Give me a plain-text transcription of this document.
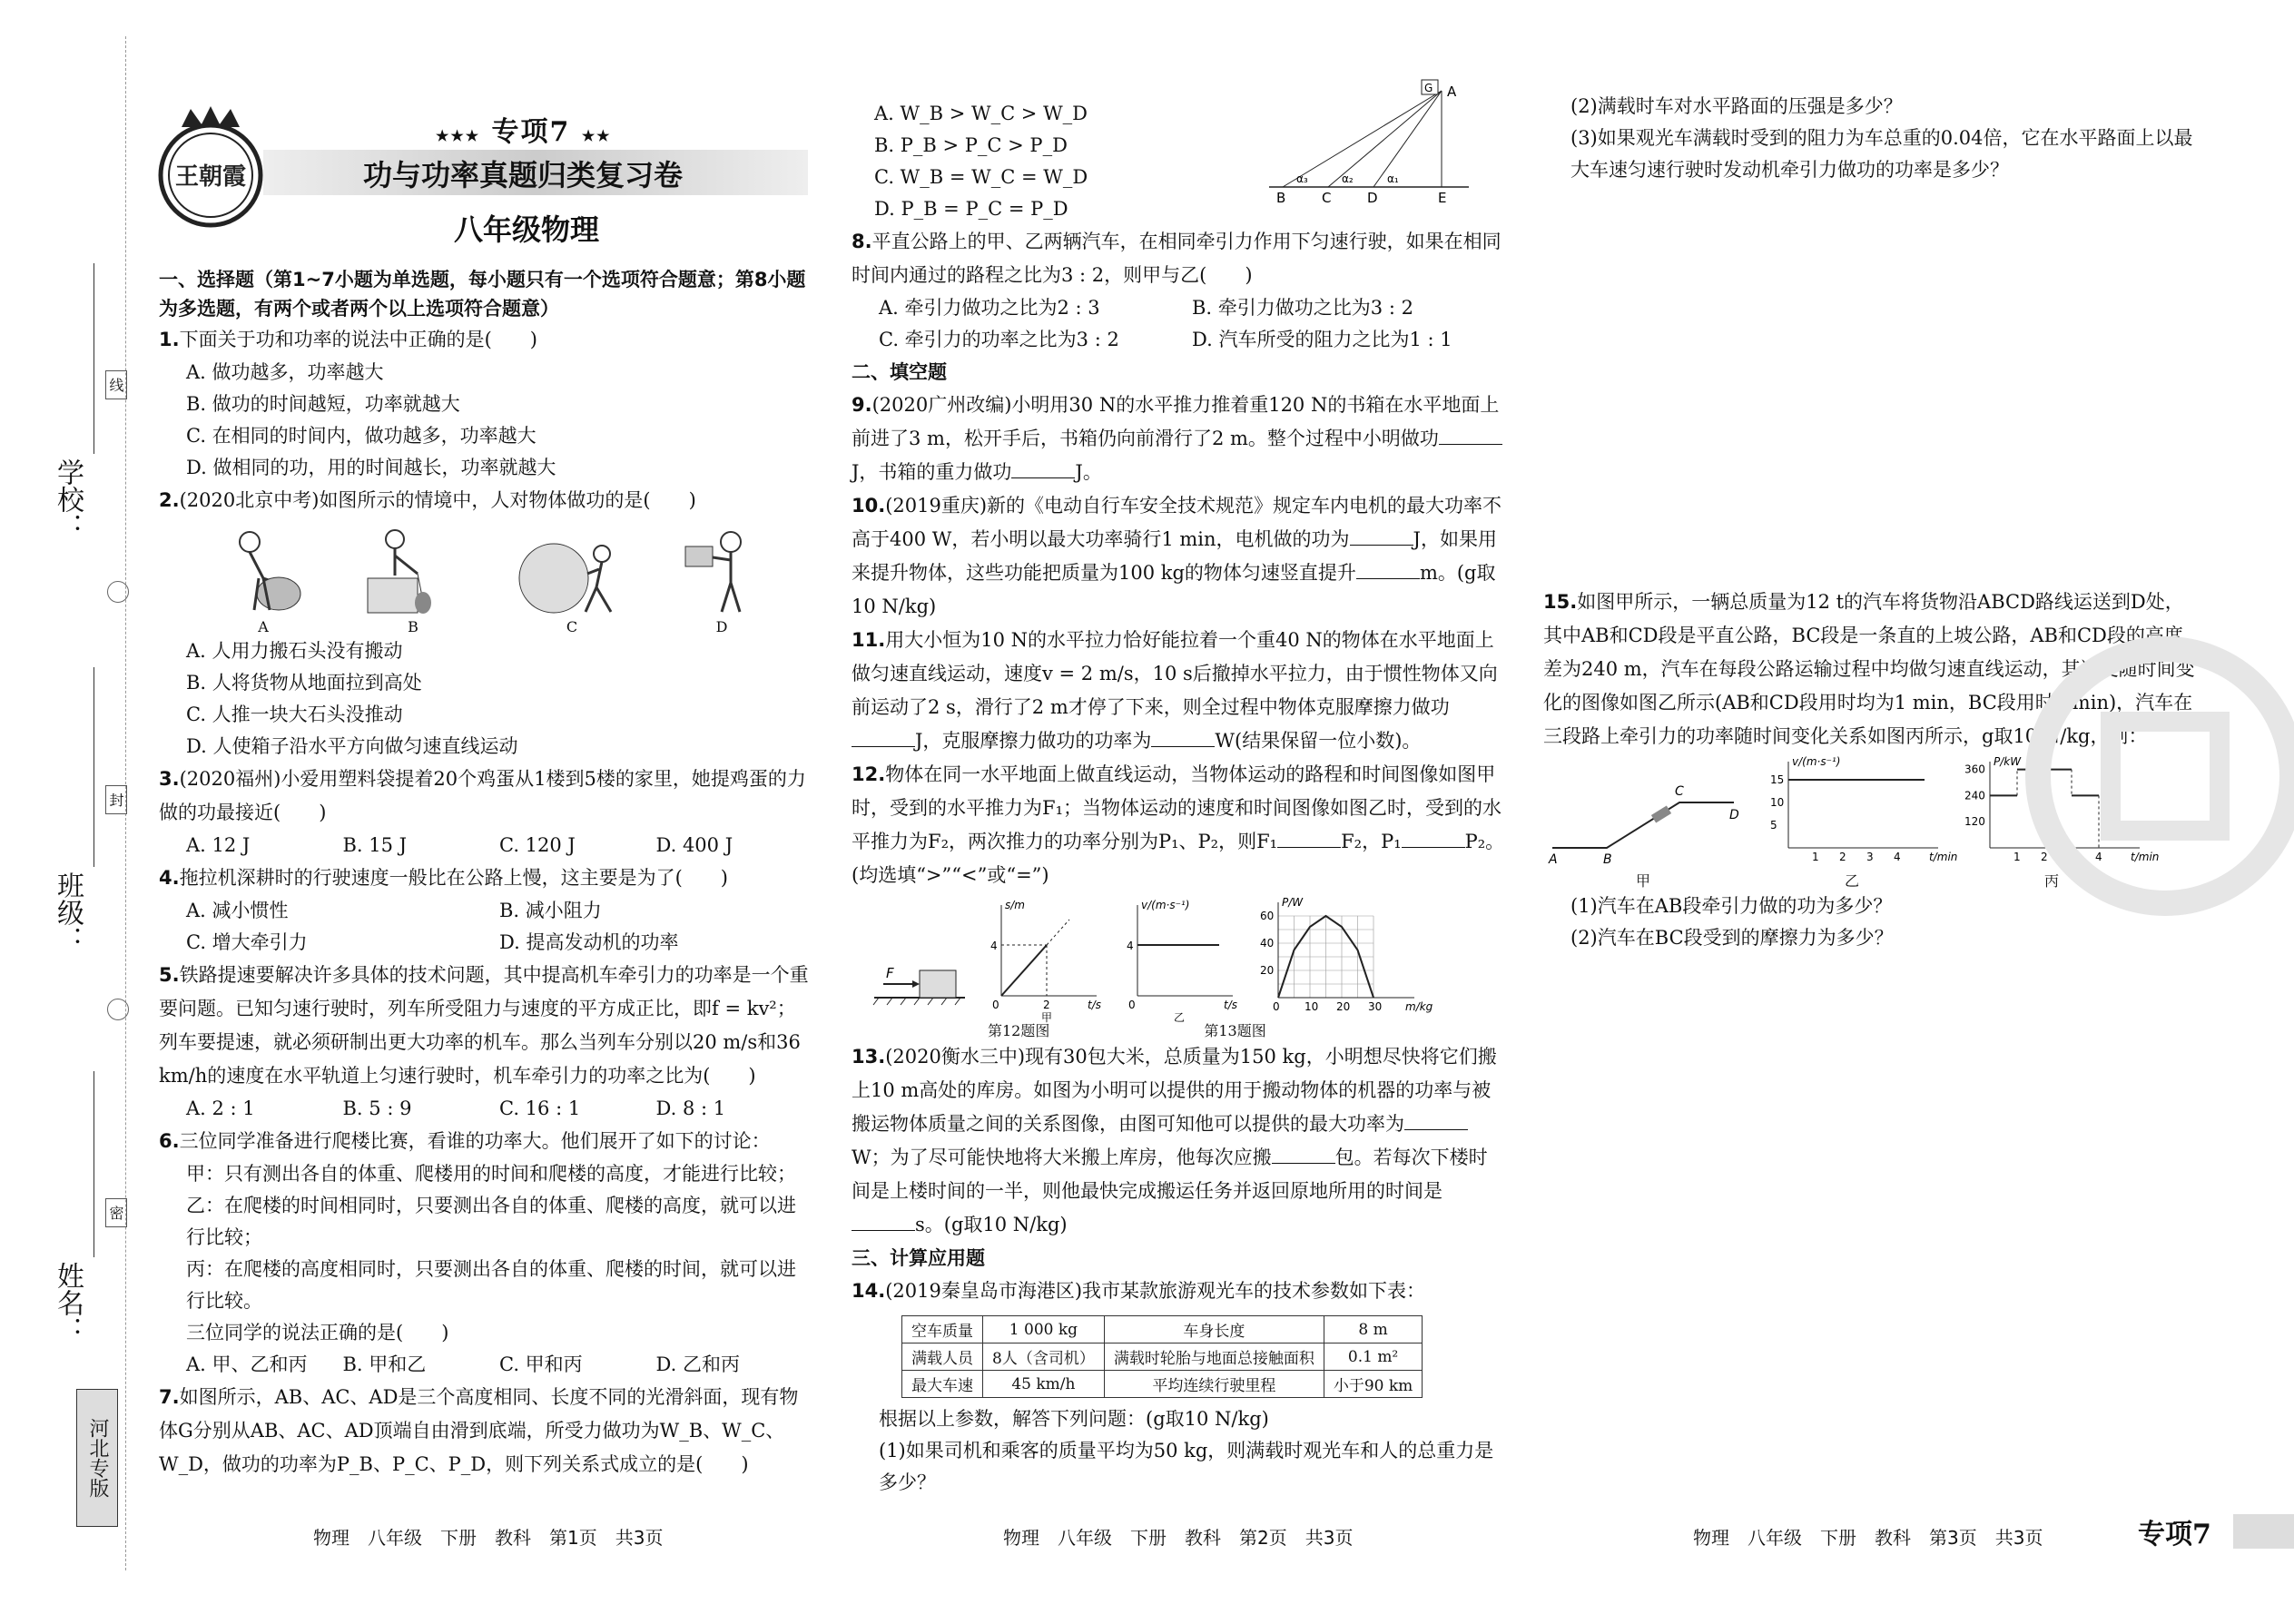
学校：
线
班级：
封
姓名：
密
河北专版
王朝霞
★★★ 专项7 ★★
功与功率真题归类复习卷
八年级物理
一、选择题（第1~7小题为单选题，每小题只有一个选项符合题意；第8小题为多选题，有两个或者两个以上选项符合题意）
1.下面关于功和功率的说法中正确的是(　　)
A. 做功越多，功率越大
B. 做功的时间越短，功率就越大
C. 在相同的时间内，做功越多，功率越大
D. 做相同的功，用的时间越长，功率就越大
2.(2020北京中考)如图所示的情境中，人对物体做功的是(　　)
A	B	C	D
A. 人用力搬石头没有搬动
B. 人将货物从地面拉到高处
C. 人推一块大石头没推动
D. 人使箱子沿水平方向做匀速直线运动
3.(2020福州)小爱用塑料袋提着20个鸡蛋从1楼到5楼的家里，她提鸡蛋的力做的功最接近(　　)
A. 12 J	B. 15 J	C. 120 J	D. 400 J
4.拖拉机深耕时的行驶速度一般比在公路上慢，这主要是为了(　　)
A. 减小惯性	B. 减小阻力
C. 增大牵引力	D. 提高发动机的功率
5.铁路提速要解决许多具体的技术问题，其中提高机车牵引力的功率是一个重要问题。已知匀速行驶时，列车所受阻力与速度的平方成正比，即f = kv²；列车要提速，就必须研制出更大功率的机车。那么当列车分别以20 m/s和36 km/h的速度在水平轨道上匀速行驶时，机车牵引力的功率之比为(　　)
A. 2 : 1	B. 5 : 9	C. 16 : 1	D. 8 : 1
6.三位同学准备进行爬楼比赛，看谁的功率大。他们展开了如下的讨论：
甲：只有测出各自的体重、爬楼用的时间和爬楼的高度，才能进行比较；
乙：在爬楼的时间相同时，只要测出各自的体重、爬楼的高度，就可以进行比较；
丙：在爬楼的高度相同时，只要测出各自的体重、爬楼的时间，就可以进行比较。
三位同学的说法正确的是(　　)
A. 甲、乙和丙	B. 甲和乙	C. 甲和丙	D. 乙和丙
7.如图所示，AB、AC、AD是三个高度相同、长度不同的光滑斜面，现有物体G分别从AB、AC、AD顶端自由滑到底端，所受力做功为W_B、W_C、W_D，做功的功率为P_B、P_C、P_D，则下列关系式成立的是(　　)
A. W_B > W_C > W_D
B. P_B > P_C > P_D
C. W_B = W_C = W_D
D. P_B = P_C = P_D
G A
B	C	D	E
α₃	α₂	α₁
8.平直公路上的甲、乙两辆汽车，在相同牵引力作用下匀速行驶，如果在相同时间内通过的路程之比为3 : 2，则甲与乙(　　)
A. 牵引力做功之比为2 : 3	B. 牵引力做功之比为3 : 2
C. 牵引力的功率之比为3 : 2	D. 汽车所受的阻力之比为1 : 1
二、填空题
9.(2020广州改编)小明用30 N的水平推力推着重120 N的书箱在水平地面上前进了3 m，松开手后，书箱仍向前滑行了2 m。整个过程中小明做功J，书箱的重力做功	J。
10.(2019重庆)新的《电动自行车安全技术规范》规定车内电机的最大功率不高于400 W，若小明以最大功率骑行1 min，电机做的功为	J，如果用来提升物体，这些功能把质量为100 kg的物体匀速竖直提升	m。(g取10 N/kg)
11.用大小恒为10 N的水平拉力恰好能拉着一个重40 N的物体在水平地面上做匀速直线运动，速度v = 2 m/s，10 s后撤掉水平拉力，由于惯性物体又向前运动了2 s，滑行了2 m才停了下来，则全过程中物体克服摩擦力做功J，克服摩擦力做功的功率为	W(结果保留一位小数)。
12.物体在同一水平地面上做直线运动，当物体运动的路程和时间图像如图甲时，受到的水平推力为F₁；当物体运动的速度和时间图像如图乙时，受到的水平推力为F₂，两次推力的功率分别为P₁、P₂，则F₁	F₂，P₁	P₂。(均选填“>”“<”或“=”)
F
t/s
s/m
4
0	2
甲
t/s
v/(m·s⁻¹)
4
0
乙
m/kg
P/W
0 10 20 30
20
40
60
第12题图	第13题图
13.(2020衡水三中)现有30包大米，总质量为150 kg，小明想尽快将它们搬上10 m高处的库房。如图为小明可以提供的用于搬动物体的机器的功率与被搬运物体质量之间的关系图像，由图可知他可以提供的最大功率为W；为了尽可能快地将大米搬上库房，他每次应搬	包。若每次下楼时间是上楼时间的一半，则他最快完成搬运任务并返回原地所用的时间是s。(g取10 N/kg)
三、计算应用题
14.(2019秦皇岛市海港区)我市某款旅游观光车的技术参数如下表：
空车质量	1 000 kg	车身长度	8 m
满载人员	8人（含司机）	满载时轮胎与地面总接触面积	0.1 m²
最大车速	45 km/h	平均连续行驶里程	小于90 km
根据以上参数，解答下列问题：(g取10 N/kg)
(1)如果司机和乘客的质量平均为50 kg，则满载时观光车和人的总重力是多少？
(2)满载时车对水平路面的压强是多少？
(3)如果观光车满载时受到的阻力为车总重的0.04倍，它在水平路面上以最大车速匀速行驶时发动机牵引力做功的功率是多少？
15.如图甲所示，一辆总质量为12 t的汽车将货物沿ABCD路线运送到D处，其中AB和CD段是平直公路，BC段是一条直的上坡公路，AB和CD段的高度差为240 m，汽车在每段公路运输过程中均做匀速直线运动，其速度随时间变化的图像如图乙所示(AB和CD段用时均为1 min，BC段用时2 min)，汽车在三段路上牵引力的功率随时间变化关系如图丙所示，g取10 N/kg，则：
A	B
C
D
甲
t/min
v/(m·s⁻¹)
1 2 3 4
5
10
15
乙
t/min
P/kW
1 2 3 4
120
240
360
丙
(1)汽车在AB段牵引力做的功为多少？
(2)汽车在BC段受到的摩擦力为多少？
物理　八年级　下册　教科　第1页　共3页	物理　八年级　下册　教科　第2页　共3页	物理　八年级　下册　教科　第3页　共3页	专项7
